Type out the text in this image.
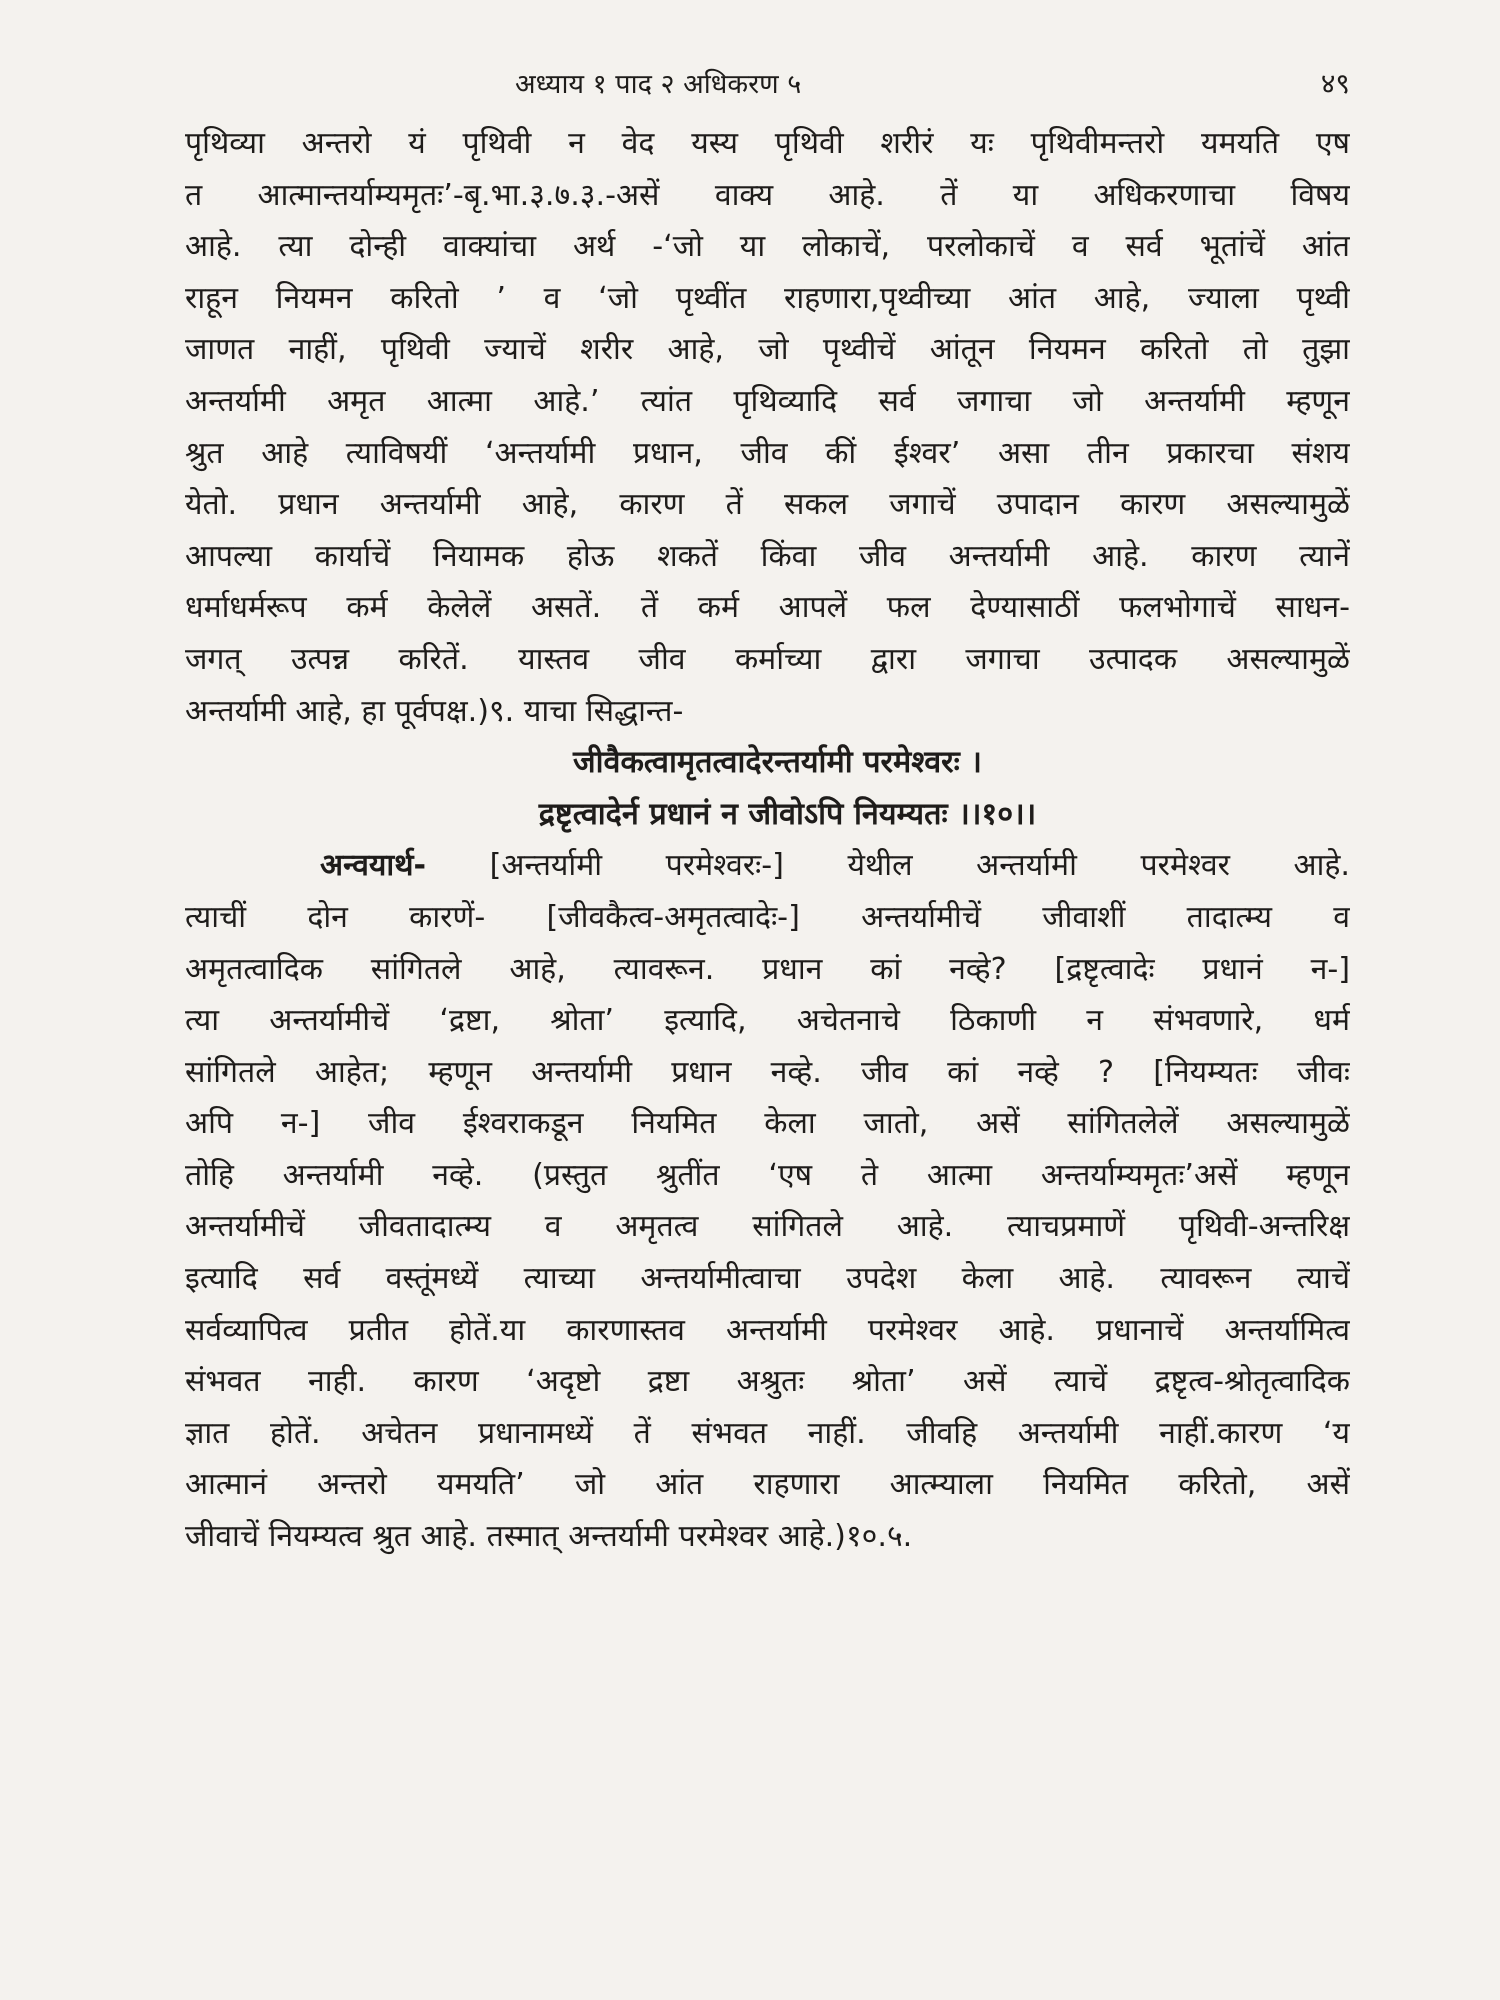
अध्याय १ पाद २ अधिकरण ५	४९
पृथिव्या अन्तरो यं पृथिवी न वेद यस्य पृथिवी शरीरं यः पृथिवीमन्तरो यमयति एष
त आत्मान्तर्याम्यमृतः’-बृ.भा.३.७.३.-असें वाक्य आहे. तें या अधिकरणाचा विषय
आहे. त्या दोन्ही वाक्यांचा अर्थ -‘जो या लोकाचें, परलोकाचें व सर्व भूतांचें आंत
राहून नियमन करितो ’ व ‘जो पृथ्वींत राहणारा,पृथ्वीच्या आंत आहे, ज्याला पृथ्वी
जाणत नाहीं, पृथिवी ज्याचें शरीर आहे, जो पृथ्वीचें आंतून नियमन करितो तो तुझा
अन्तर्यामी अमृत आत्मा आहे.’ त्यांत पृथिव्यादि सर्व जगाचा जो अन्तर्यामी म्हणून
श्रुत आहे त्याविषयीं ‘अन्तर्यामी प्रधान, जीव कीं ईश्वर’ असा तीन प्रकारचा संशय
येतो. प्रधान अन्तर्यामी आहे, कारण तें सकल जगाचें उपादान कारण असल्यामुळें
आपल्या कार्याचें नियामक होऊ शकतें किंवा जीव अन्तर्यामी आहे. कारण त्यानें
धर्माधर्मरूप कर्म केलेलें असतें. तें कर्म आपलें फल देण्यासाठीं फलभोगाचें साधन-
जगत् उत्पन्न करितें. यास्तव जीव कर्माच्या द्वारा जगाचा उत्पादक असल्यामुळें
अन्तर्यामी आहे, हा पूर्वपक्ष.)९. याचा सिद्धान्त-
जीवैकत्वामृतत्वादेरन्तर्यामी परमेश्वरः ।
द्रष्टृत्वादेर्न प्रधानं न जीवोऽपि नियम्यतः ।।१०।।
अन्वयार्थ- [अन्तर्यामी परमेश्वरः-] येथील अन्तर्यामी परमेश्वर आहे.
त्याचीं दोन कारणें- [जीवकैत्व-अमृतत्वादेः-] अन्तर्यामीचें जीवाशीं तादात्म्य व
अमृतत्वादिक सांगितले आहे, त्यावरून. प्रधान कां नव्हे? [द्रष्टृत्वादेः प्रधानं न-]
त्या अन्तर्यामीचें ‘द्रष्टा, श्रोता’ इत्यादि, अचेतनाचे ठिकाणी न संभवणारे, धर्म
सांगितले आहेत; म्हणून अन्तर्यामी प्रधान नव्हे. जीव कां नव्हे ? [नियम्यतः जीवः
अपि न-] जीव ईश्वराकडून नियमित केला जातो, असें सांगितलेलें असल्यामुळें
तोहि अन्तर्यामी नव्हे. (प्रस्तुत श्रुतींत ‘एष ते आत्मा अन्तर्याम्यमृतः’असें म्हणून
अन्तर्यामीचें जीवतादात्म्य व अमृतत्व सांगितले आहे. त्याचप्रमाणें पृथिवी-अन्तरिक्ष
इत्यादि सर्व वस्तूंमध्यें त्याच्या अन्तर्यामीत्वाचा उपदेश केला आहे. त्यावरून त्याचें
सर्वव्यापित्व प्रतीत होतें.या कारणास्तव अन्तर्यामी परमेश्वर आहे. प्रधानाचें अन्तर्यामित्व
संभवत नाही. कारण ‘अदृष्टो द्रष्टा अश्रुतः श्रोता’ असें त्याचें द्रष्टृत्व-श्रोतृत्वादिक
ज्ञात होतें. अचेतन प्रधानामध्यें तें संभवत नाहीं. जीवहि अन्तर्यामी नाहीं.कारण ‘य
आत्मानं अन्तरो यमयति’ जो आंत राहणारा आत्म्याला नियमित करितो, असें
जीवाचें नियम्यत्व श्रुत आहे. तस्मात् अन्तर्यामी परमेश्वर आहे.)१०.५.
